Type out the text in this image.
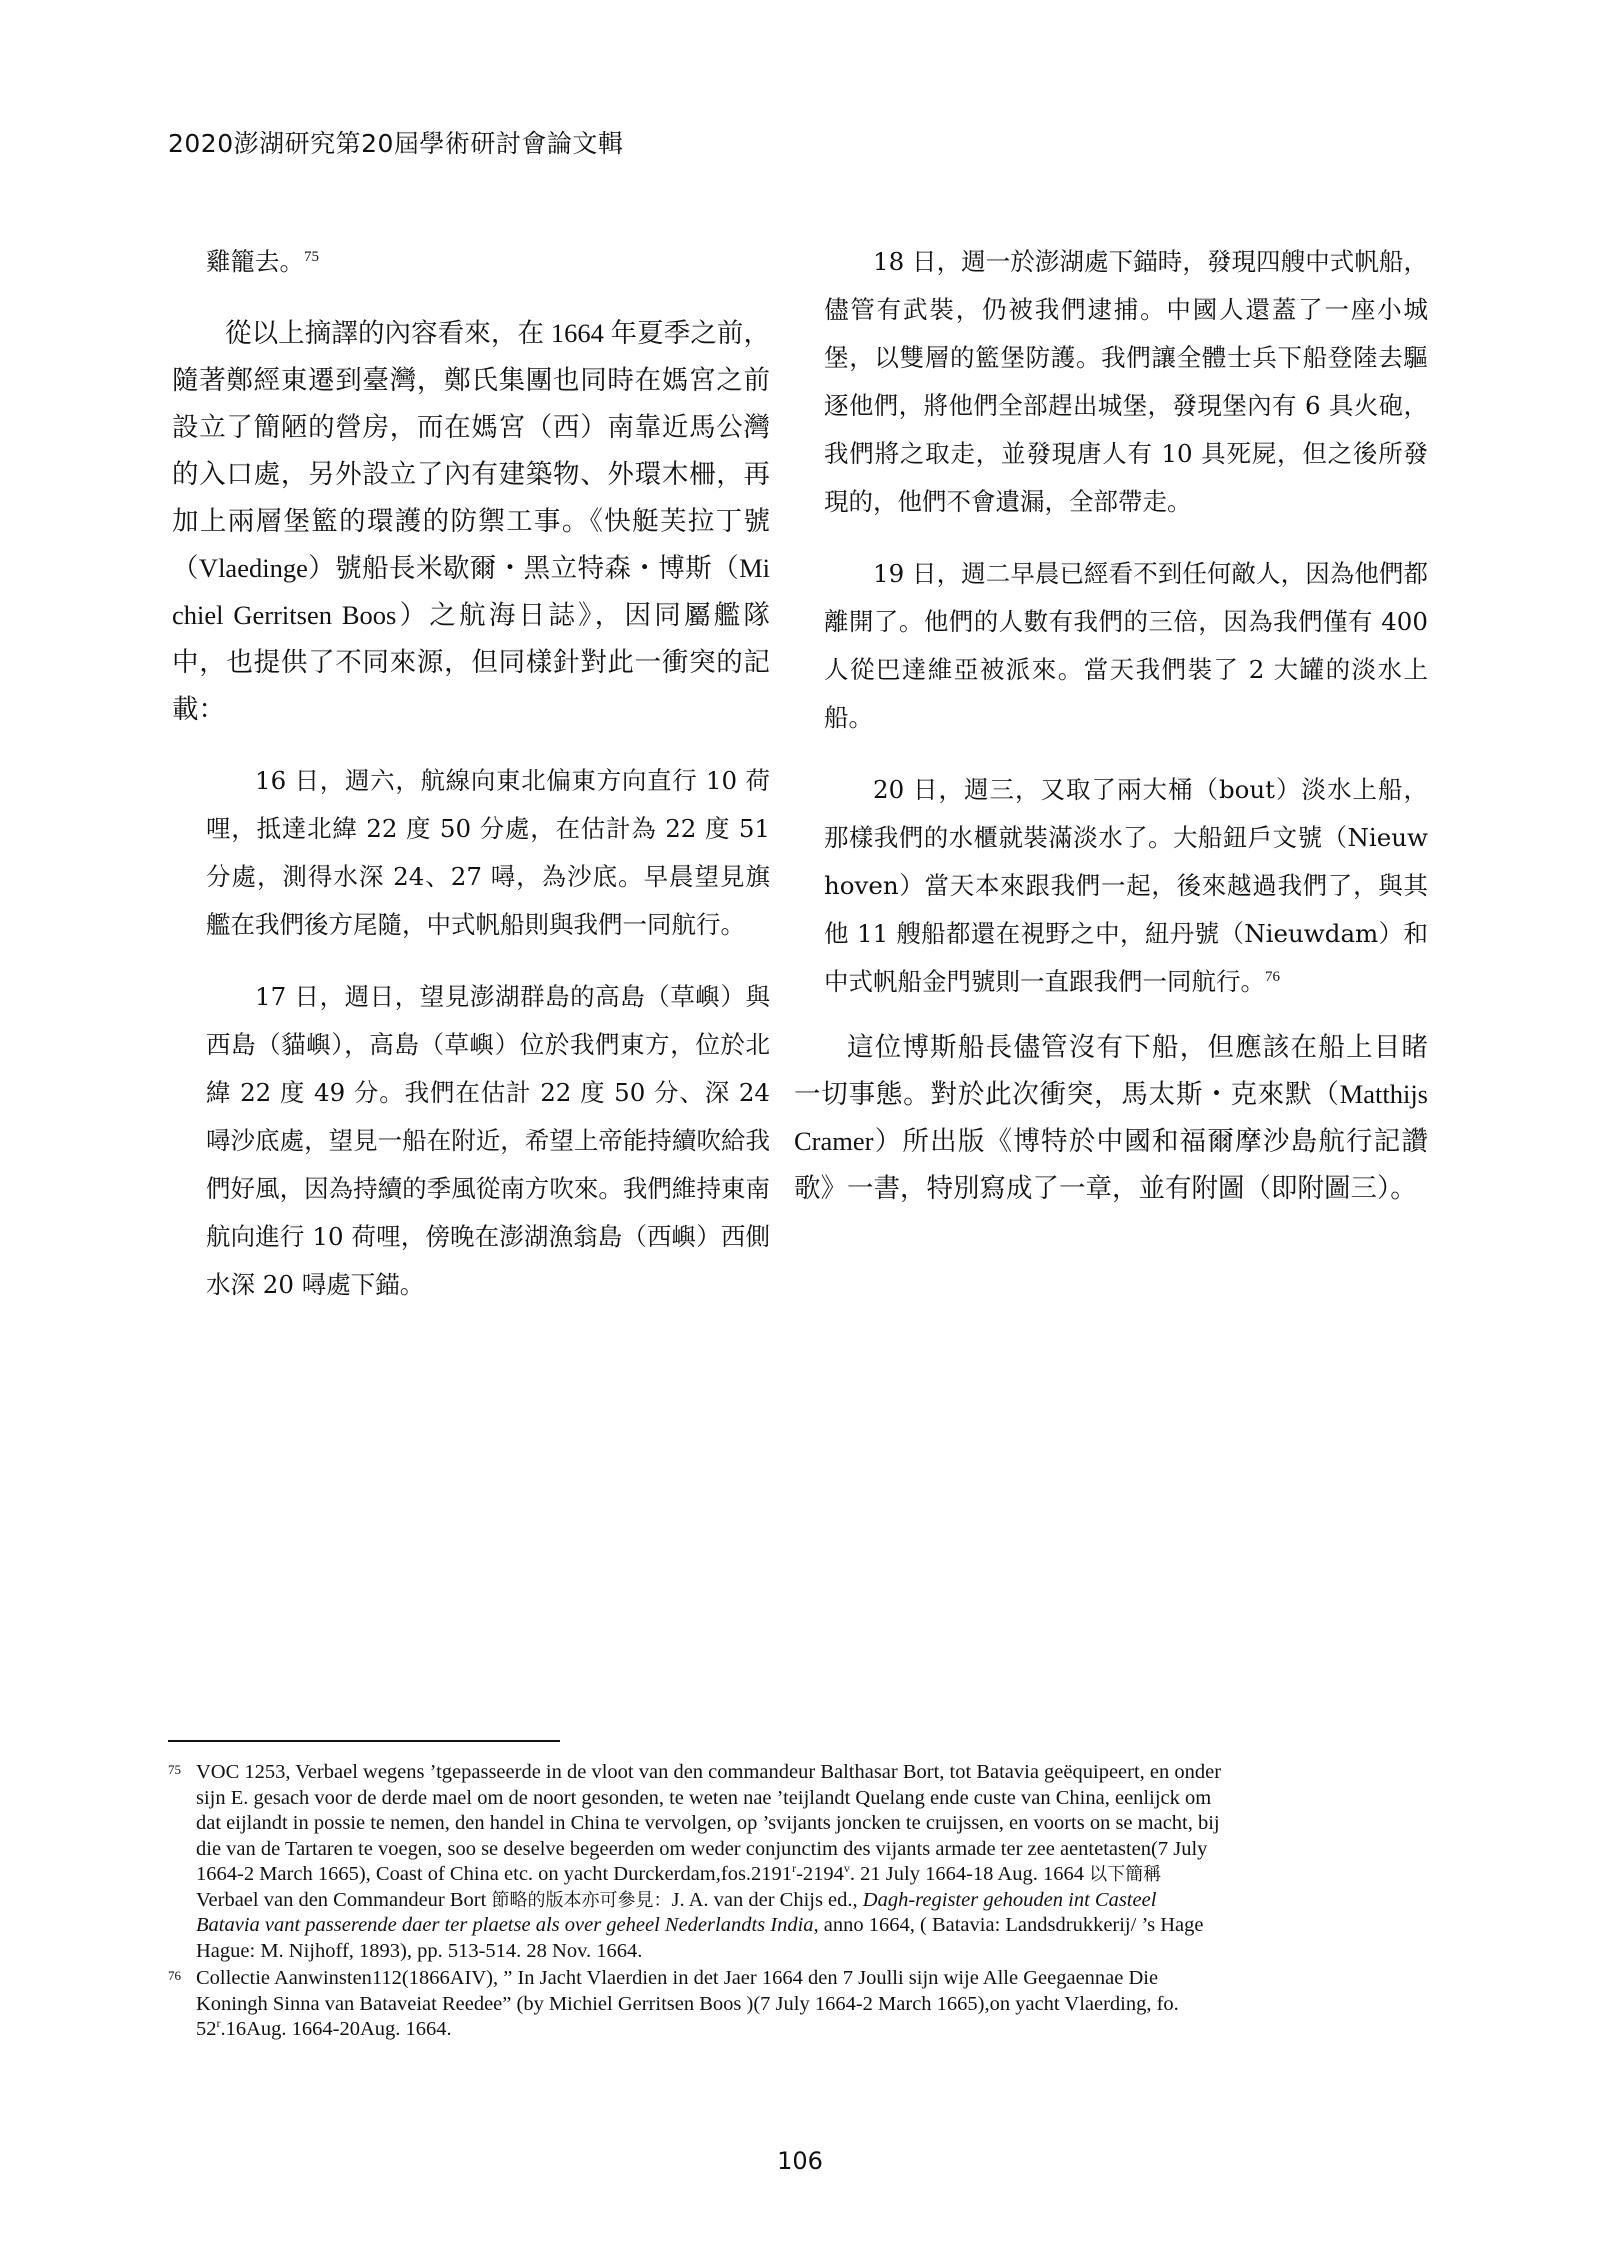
2020澎湖研究第20屆學術研討會論文輯

雞籠去。$^{75}$

從以上摘譯的內容看來，在 1664 年夏季之前，隨著鄭經東遷到臺灣，鄭氏集團也同時在媽宮之前設立了簡陋的營房，而在媽宮（西）南靠近馬公灣的入口處，另外設立了內有建築物、外環木柵，再加上兩層堡籃的環護的防禦工事。《快艇芙拉丁號（Vlaedinge）號船長米歇爾・黑立特森・博斯（Michiel Gerritsen Boos）之航海日誌》，因同屬艦隊中，也提供了不同來源，但同樣針對此一衝突的記載：

16 日，週六，航線向東北偏東方向直行 10 荷哩，抵達北緯 22 度 50 分處，在估計為 22 度 51 分處，測得水深 24、27 噚，為沙底。早晨望見旗艦在我們後方尾隨，中式帆船則與我們一同航行。

17 日，週日，望見澎湖群島的高島（草嶼）與西島（貓嶼），高島（草嶼）位於我們東方，位於北緯 22 度 49 分。我們在估計 22 度 50 分、深 24 噚沙底處，望見一船在附近，希望上帝能持續吹給我們好風，因為持續的季風從南方吹來。我們維持東南航向進行 10 荷哩，傍晚在澎湖漁翁島（西嶼）西側水深 20 噚處下錨。

18 日，週一於澎湖處下錨時，發現四艘中式帆船，儘管有武裝，仍被我們逮捕。中國人還蓋了一座小城堡，以雙層的籃堡防護。我們讓全體士兵下船登陸去驅逐他們，將他們全部趕出城堡，發現堡內有 6 具火砲，我們將之取走，並發現唐人有 10 具死屍，但之後所發現的，他們不會遺漏，全部帶走。

19 日，週二早晨已經看不到任何敵人，因為他們都離開了。他們的人數有我們的三倍，因為我們僅有 400 人從巴達維亞被派來。當天我們裝了 2 大罐的淡水上船。

20 日，週三，又取了兩大桶（bout）淡水上船，那樣我們的水櫃就裝滿淡水了。大船鈕戶文號（Nieuwhoven）當天本來跟我們一起，後來越過我們了，與其他 11 艘船都還在視野之中，紐丹號（Nieuwdam）和中式帆船金門號則一直跟我們一同航行。$^{76}$

這位博斯船長儘管沒有下船，但應該在船上目睹一切事態。對於此次衝突，馬太斯・克來默（Matthijs Cramer）所出版《博特於中國和福爾摩沙島航行記讚歌》一書，特別寫成了一章，並有附圖（即附圖三）。

75 VOC 1253, Verbael wegens ’tgepasseerde in de vloot van den commandeur Balthasar Bort, tot Batavia geёquipeert, en onder
sijn E. gesach voor de derde mael om de noort gesonden, te weten nae ’teijlandt Quelang ende custe van China, eenlijck om
dat eijlandt in possie te nemen, den handel in China te vervolgen, op ’svijants joncken te cruijssen, en voorts on se macht, bij
die van de Tartaren te voegen, soo se deselve begeerden om weder conjunctim des vijants armade ter zee aentetasten(7 July
1664-2 March 1665), Coast of China etc. on yacht Durckerdam,fos.2191$^r$-2194$^v$. 21 July 1664-18 Aug. 1664 以下簡稱
Verbael van den Commandeur Bort 節略的版本亦可參見：J. A. van der Chijs ed., Dagh-register gehouden int Casteel
Batavia vant passerende daer ter plaetse als over geheel Nederlandts India, anno 1664, ( Batavia: Landsdrukkerij/ ’s Hage
Hague: M. Nijhoff, 1893), pp. 513-514. 28 Nov. 1664.
76 Collectie Aanwinsten112(1866AIV), ” In Jacht Vlaerdien in det Jaer 1664 den 7 Joulli sijn wije Alle Geegaennae Die
Koningh Sinna van Bataveiat Reedee” (by Michiel Gerritsen Boos )(7 July 1664-2 March 1665),on yacht Vlaerding, fo.
52$^r$.16Aug. 1664-20Aug. 1664.
106
